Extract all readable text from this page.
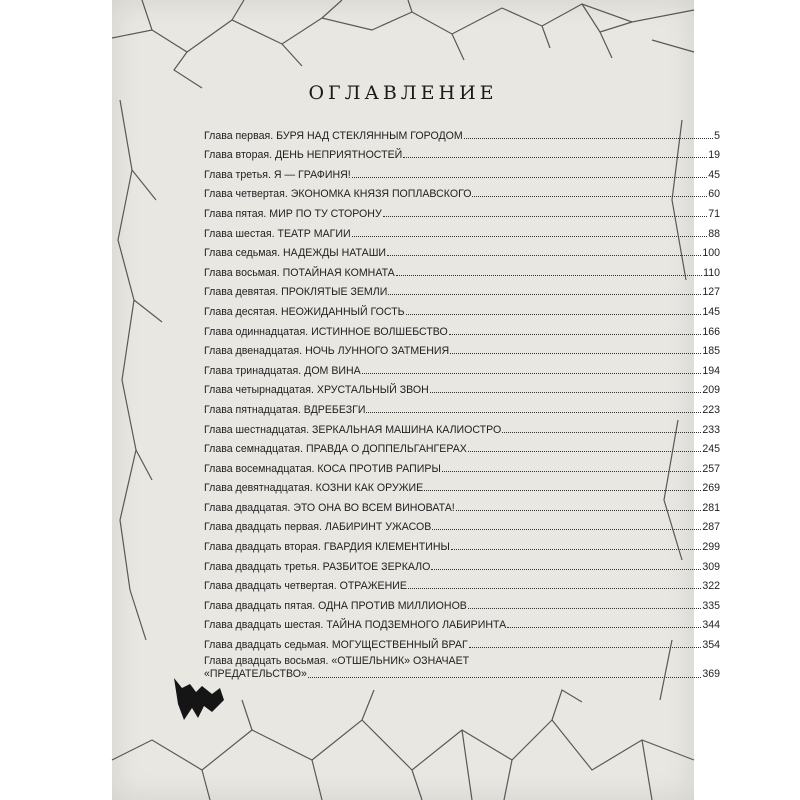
ОГЛАВЛЕНИЕ
Глава первая. БУРЯ НАД СТЕКЛЯННЫМ ГОРОДОМ	5
Глава вторая. ДЕНЬ НЕПРИЯТНОСТЕЙ	19
Глава третья. Я — ГРАФИНЯ!	45
Глава четвертая. ЭКОНОМКА КНЯЗЯ ПОПЛАВСКОГО	60
Глава пятая. МИР ПО ТУ СТОРОНУ	71
Глава шестая. ТЕАТР МАГИИ	88
Глава седьмая. НАДЕЖДЫ НАТАШИ	100
Глава восьмая. ПОТАЙНАЯ КОМНАТА	110
Глава девятая. ПРОКЛЯТЫЕ ЗЕМЛИ	127
Глава десятая. НЕОЖИДАННЫЙ ГОСТЬ	145
Глава одиннадцатая. ИСТИННОЕ ВОЛШЕБСТВО	166
Глава двенадцатая. НОЧЬ ЛУННОГО ЗАТМЕНИЯ	185
Глава тринадцатая. ДОМ ВИНА	194
Глава четырнадцатая. ХРУСТАЛЬНЫЙ ЗВОН	209
Глава пятнадцатая. ВДРЕБЕЗГИ	223
Глава шестнадцатая. ЗЕРКАЛЬНАЯ МАШИНА КАЛИОСТРО	233
Глава семнадцатая. ПРАВДА О ДОППЕЛЬГАНГЕРАХ	245
Глава восемнадцатая. КОСА ПРОТИВ РАПИРЫ	257
Глава девятнадцатая. КОЗНИ КАК ОРУЖИЕ	269
Глава двадцатая. ЭТО ОНА ВО ВСЕМ ВИНОВАТА!	281
Глава двадцать первая. ЛАБИРИНТ УЖАСОВ	287
Глава двадцать вторая. ГВАРДИЯ КЛЕМЕНТИНЫ	299
Глава двадцать третья. РАЗБИТОЕ ЗЕРКАЛО	309
Глава двадцать четвертая. ОТРАЖЕНИЕ	322
Глава двадцать пятая. ОДНА ПРОТИВ МИЛЛИОНОВ	335
Глава двадцать шестая. ТАЙНА ПОДЗЕМНОГО ЛАБИРИНТА	344
Глава двадцать седьмая. МОГУЩЕСТВЕННЫЙ ВРАГ	354
Глава двадцать восьмая. «ОТШЕЛЬНИК» ОЗНАЧАЕТ
«ПРЕДАТЕЛЬСТВО»	369
